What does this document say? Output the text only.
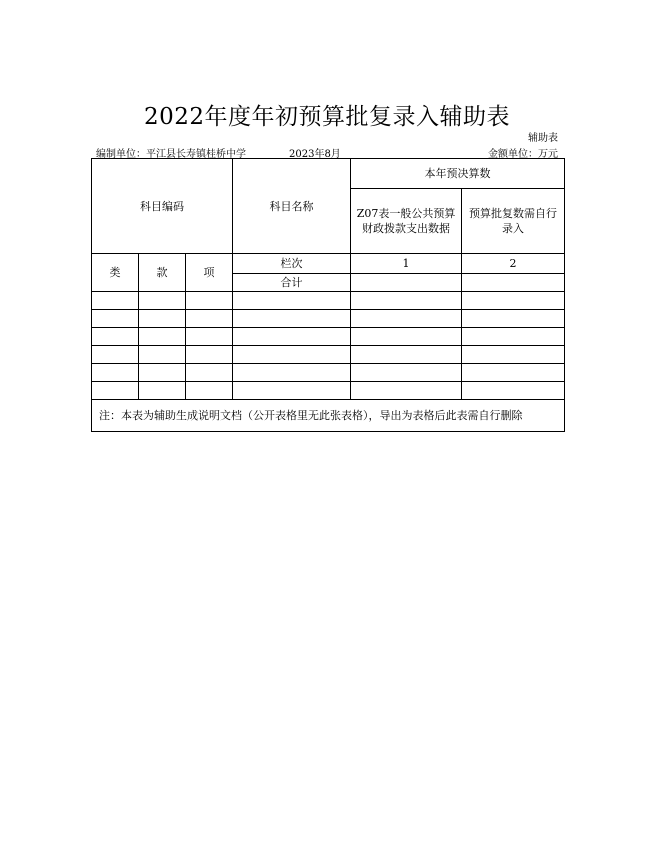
2022年度年初预算批复录入辅助表
辅助表
编制单位：平江县长寿镇桂桥中学	2023年8月	金额单位：万元
科目编码			科目名称	本年预决算数	
				Z07表一般公共预算财政拨款支出数据	预算批复数需自行录入
类	款	项	栏次	1	2
			合计		

注：本表为辅助生成说明文档（公开表格里无此张表格），导出为表格后此表需自行删除					
